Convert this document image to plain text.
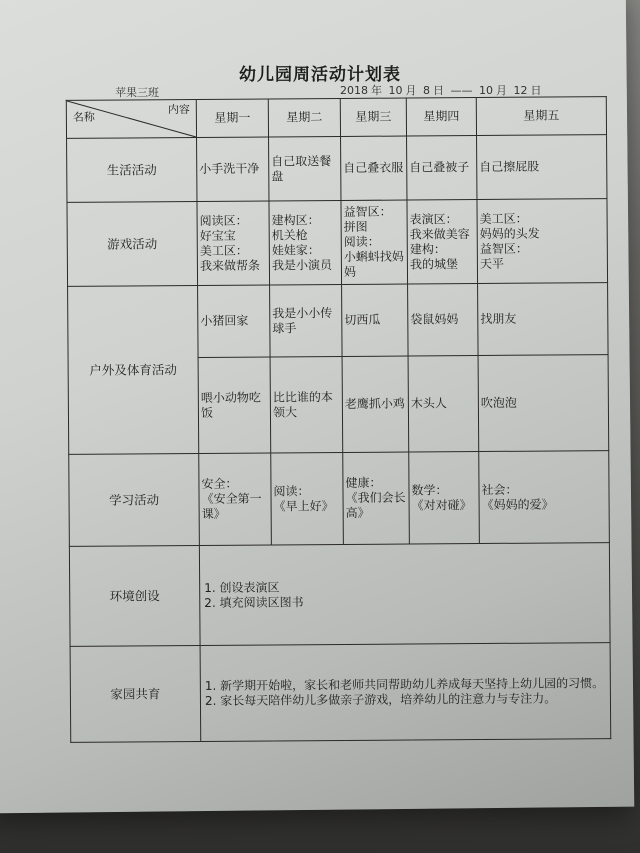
幼儿园周活动计划表
苹果三班	2018 年 10 月 8 日 —— 10 月 12 日
名称
内容	星期一	星期二	星期三	星期四	星期五
生活活动	小手洗干净	自己取送餐盘	自己叠衣服	自己叠被子	自己擦屁股
游戏活动	阅读区：
好宝宝
美工区：
我来做帮条	建构区：
机关枪
娃娃家：
我是小演员	益智区：
拼图
阅读：
小蝌蚪找妈妈	表演区：
我来做美容
建构：
我的城堡	美工区：
妈妈的头发
益智区：
天平
户外及体育活动	小猪回家	我是小小传球手	切西瓜	袋鼠妈妈	找朋友
	喂小动物吃饭	比比谁的本领大	老鹰抓小鸡	木头人	吹泡泡
学习活动	安全：
《安全第一课》	阅读：
《早上好》	健康：
《我们会长高》	数学：
《对对碰》	社会：
《妈妈的爱》
环境创设	1. 创设表演区
2. 填充阅读区图书				

家园共育	1. 新学期开始啦，家长和老师共同帮助幼儿养成每天坚持上幼儿园的习惯。
2. 家长每天陪伴幼儿多做亲子游戏，培养幼儿的注意力与专注力。				
